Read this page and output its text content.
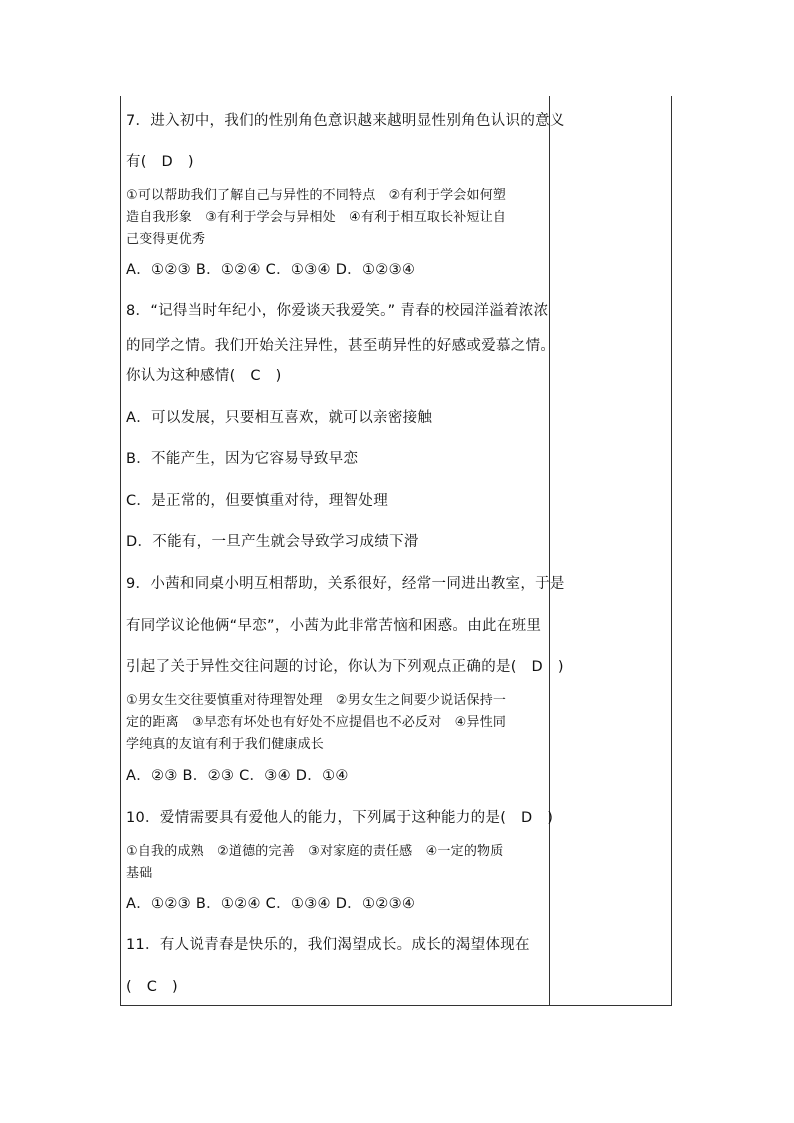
7．进入初中，我们的性别角色意识越来越明显性别角色认识的意义
有(　D　)
①可以帮助我们了解自己与异性的不同特点　②有利于学会如何塑
造自我形象　③有利于学会与异相处　④有利于相互取长补短让自
己变得更优秀
A．①②③ B．①②④ C．①③④ D．①②③④
8．“记得当时年纪小，你爱谈天我爱笑。” 青春的校园洋溢着浓浓
的同学之情。我们开始关注异性，甚至萌异性的好感或爱慕之情。
你认为这种感情(　C　)
A．可以发展，只要相互喜欢，就可以亲密接触
B．不能产生，因为它容易导致早恋
C．是正常的，但要慎重对待，理智处理
D．不能有，一旦产生就会导致学习成绩下滑
9．小茜和同桌小明互相帮助，关系很好，经常一同进出教室，于是
有同学议论他俩“早恋”，小茜为此非常苦恼和困惑。由此在班里
引起了关于异性交往问题的讨论，你认为下列观点正确的是(　D　)
①男女生交往要慎重对待理智处理　②男女生之间要少说话保持一
定的距离　③早恋有坏处也有好处不应提倡也不必反对　④异性同
学纯真的友谊有利于我们健康成长
A．②③ B．②③ C．③④ D．①④
10．爱情需要具有爱他人的能力，下列属于这种能力的是(　D　)
①自我的成熟　②道德的完善　③对家庭的责任感　④一定的物质
基础
A．①②③ B．①②④ C．①③④ D．①②③④
11．有人说青春是快乐的，我们渴望成长。成长的渴望体现在
(　C　)
